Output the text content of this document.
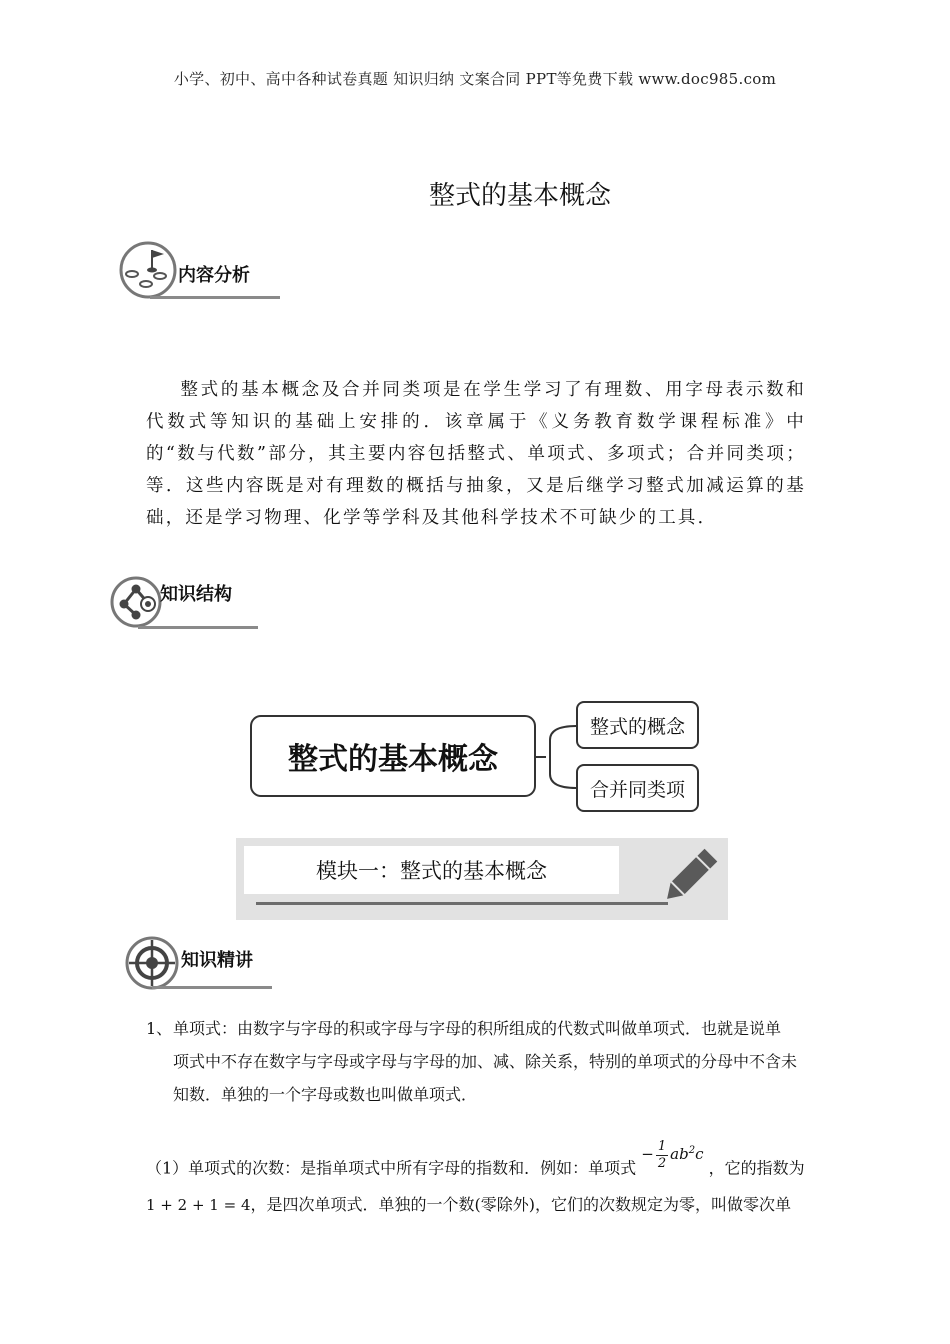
小学、初中、高中各种试卷真题 知识归纳 文案合同 PPT等免费下载 www.doc985.com
整式的基本概念
内容分析
整式的基本概念及合并同类项是在学生学习了有理数、用字母表示数和代数式等知识的基础上安排的．该章属于《义务教育数学课程标准》中的“数与代数”部分，其主要内容包括整式、单项式、多项式；合并同类项；等．这些内容既是对有理数的概括与抽象，又是后继学习整式加减运算的基础，还是学习物理、化学等学科及其他科学技术不可缺少的工具．
知识结构
整式的基本概念
整式的概念
合并同类项
模块一：整式的基本概念
知识精讲
1、 单项式：由数字与字母的积或字母与字母的积所组成的代数式叫做单项式．也就是说单
项式中不存在数字与字母或字母与字母的加、减、除关系，特别的单项式的分母中不含未知数．单独的一个字母或数也叫做单项式．
（1）单项式的次数：是指单项式中所有字母的指数和．例如：单项式 − $\frac{1}{2} ab^2c$ ，它的指数为1 + 2 + 1 = 4，是四次单项式．单独的一个数(零除外)，它们的次数规定为零，叫做零次单
